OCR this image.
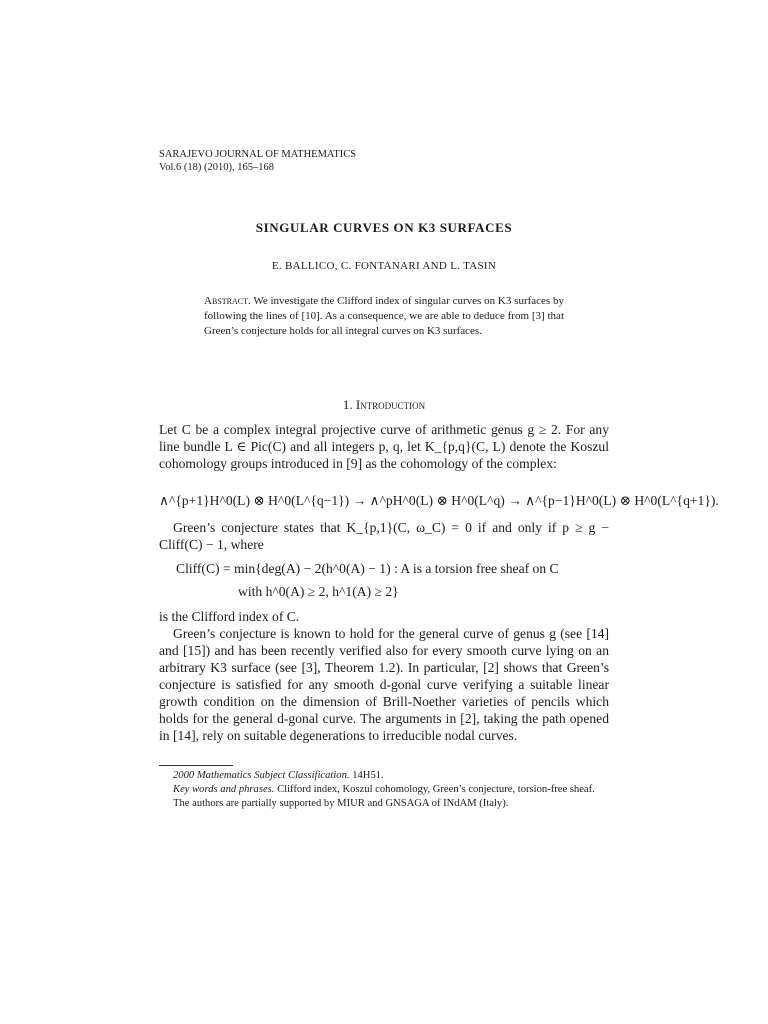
SARAJEVO JOURNAL OF MATHEMATICS
Vol.6 (18) (2010), 165–168
SINGULAR CURVES ON K3 SURFACES
E. BALLICO, C. FONTANARI AND L. TASIN
Abstract. We investigate the Clifford index of singular curves on K3 surfaces by following the lines of [10]. As a consequence, we are able to deduce from [3] that Green’s conjecture holds for all integral curves on K3 surfaces.
1. Introduction
Let C be a complex integral projective curve of arithmetic genus g ≥ 2. For any line bundle L ∈ Pic(C) and all integers p, q, let K_{p,q}(C, L) denote the Koszul cohomology groups introduced in [9] as the cohomology of the complex:
∧^{p+1}H^0(L) ⊗ H^0(L^{q−1}) → ∧^pH^0(L) ⊗ H^0(L^q) → ∧^{p−1}H^0(L) ⊗ H^0(L^{q+1}).
Green’s conjecture states that K_{p,1}(C, ω_C) = 0 if and only if p ≥ g − Cliff(C) − 1, where
Cliff(C) = min{deg(A) − 2(h^0(A) − 1) : A is a torsion free sheaf on C
with h^0(A) ≥ 2, h^1(A) ≥ 2}
is the Clifford index of C.
Green’s conjecture is known to hold for the general curve of genus g (see [14] and [15]) and has been recently verified also for every smooth curve lying on an arbitrary K3 surface (see [3], Theorem 1.2). In particular, [2] shows that Green’s conjecture is satisfied for any smooth d-gonal curve verifying a suitable linear growth condition on the dimension of Brill-Noether varieties of pencils which holds for the general d-gonal curve. The arguments in [2], taking the path opened in [14], rely on suitable degenerations to irreducible nodal curves.

2000 Mathematics Subject Classification. 14H51.

Key words and phrases. Clifford index, Koszul cohomology, Green’s conjecture, torsion-free sheaf.

The authors are partially supported by MIUR and GNSAGA of INdAM (Italy).
